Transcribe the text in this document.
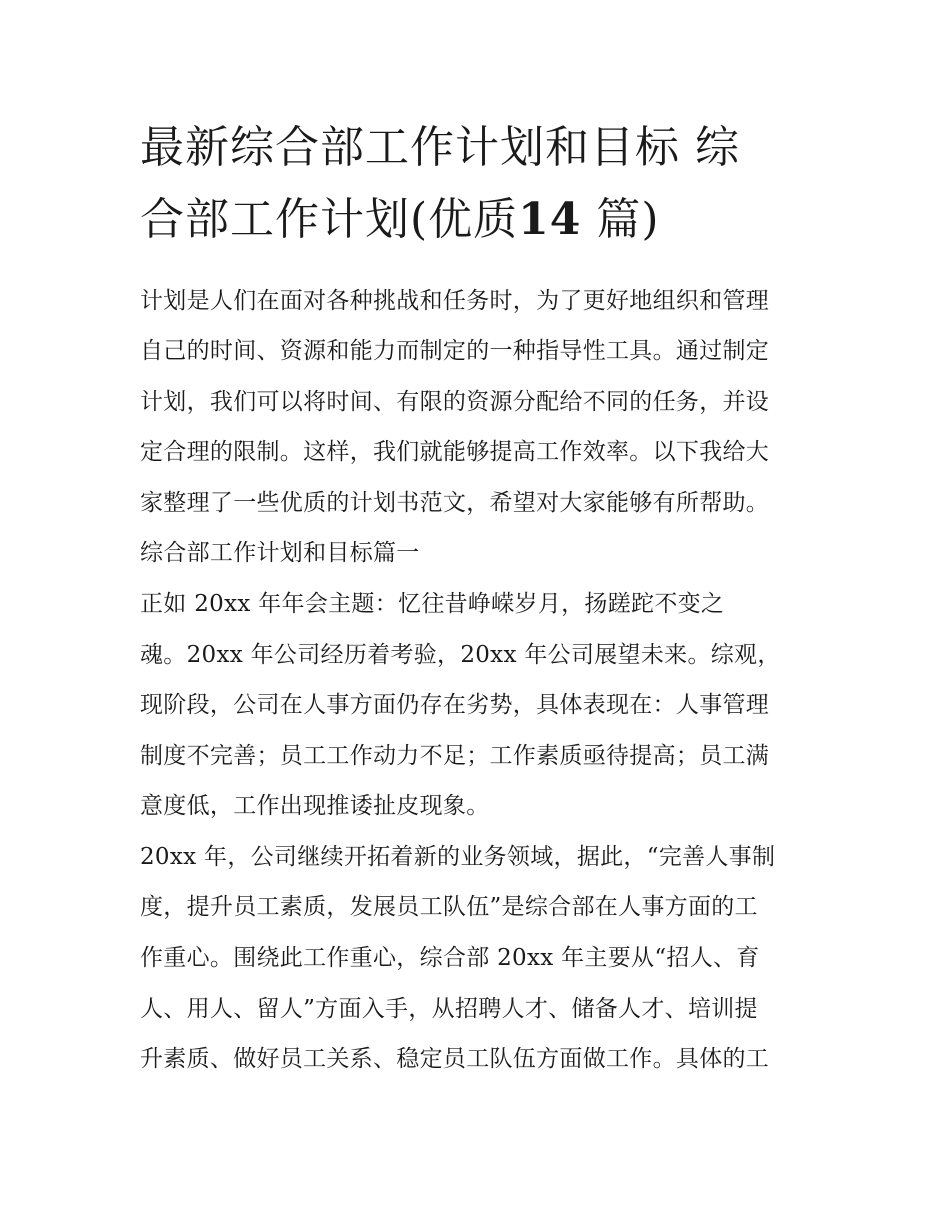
最新综合部工作计划和目标 综
合部工作计划(优质14 篇)

计划是人们在面对各种挑战和任务时，为了更好地组织和管理

自己的时间、资源和能力而制定的一种指导性工具。通过制定

计划，我们可以将时间、有限的资源分配给不同的任务，并设

定合理的限制。这样，我们就能够提高工作效率。以下我给大

家整理了一些优质的计划书范文，希望对大家能够有所帮助。

综合部工作计划和目标篇一

正如 20xx 年年会主题：忆往昔峥嵘岁月，扬蹉跎不变之

魂。20xx 年公司经历着考验，20xx 年公司展望未来。综观，

现阶段，公司在人事方面仍存在劣势，具体表现在：人事管理

制度不完善；员工工作动力不足；工作素质亟待提高；员工满

意度低，工作出现推诿扯皮现象。

20xx 年，公司继续开拓着新的业务领域，据此，“完善人事制

度，提升员工素质，发展员工队伍”是综合部在人事方面的工

作重心。围绕此工作重心，综合部 20xx 年主要从“招人、育

人、用人、留人”方面入手，从招聘人才、储备人才、培训提

升素质、做好员工关系、稳定员工队伍方面做工作。具体的工
